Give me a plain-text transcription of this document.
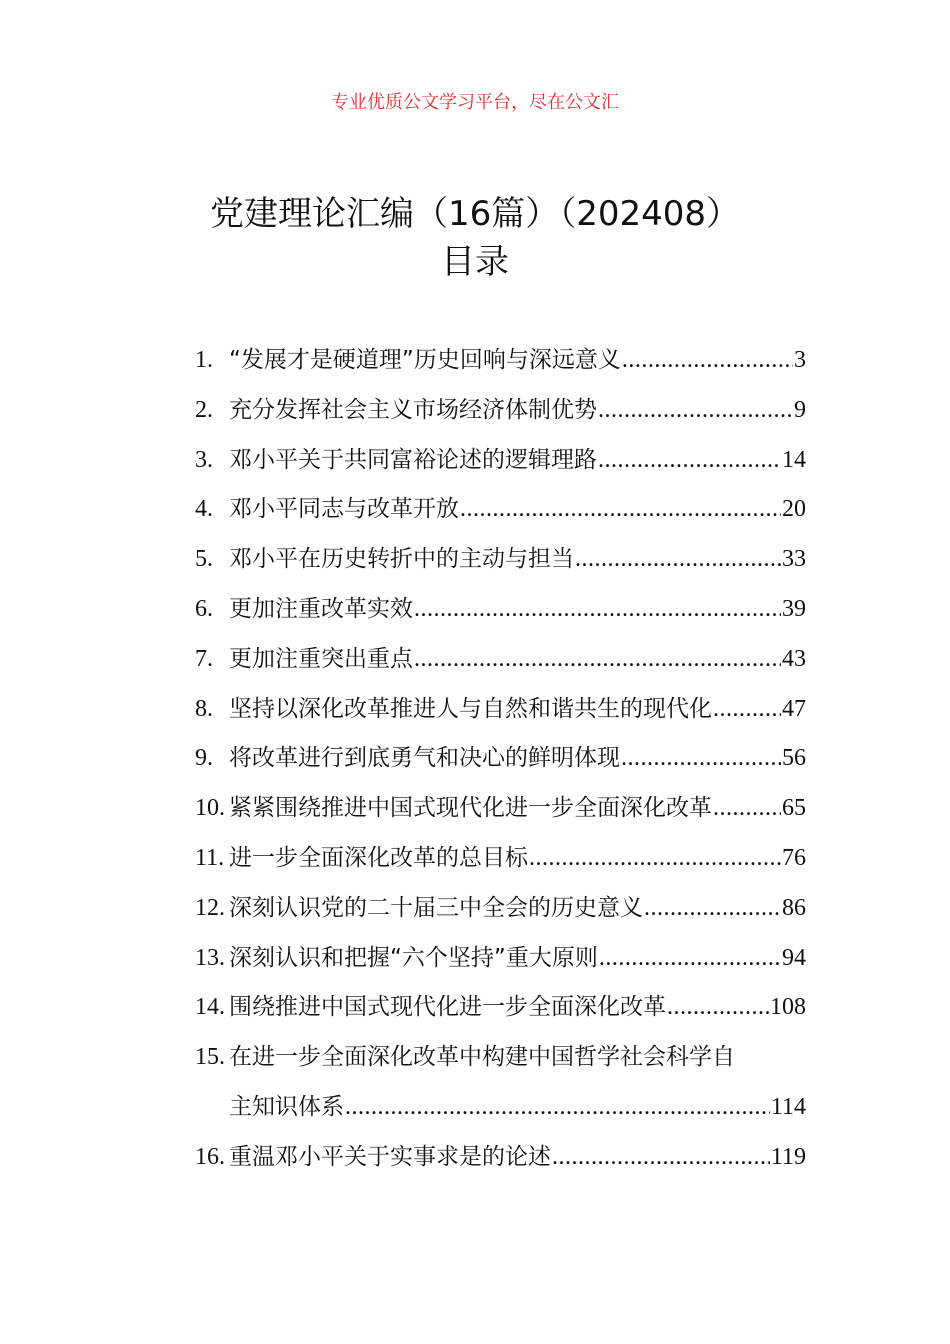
专业优质公文学习平台，尽在公文汇
党建理论汇编（16篇）（202408）
目录
1. “发展才是硬道理”历史回响与深远意义 .....	3
2. 充分发挥社会主义市场经济体制优势 .....	9
3. 邓小平关于共同富裕论述的逻辑理路 .....	14
4. 邓小平同志与改革开放 .....	20
5. 邓小平在历史转折中的主动与担当 .....	33
6. 更加注重改革实效 .....	39
7. 更加注重突出重点 .....	43
8. 坚持以深化改革推进人与自然和谐共生的现代化 .....	47
9. 将改革进行到底勇气和决心的鲜明体现 .....	56
10. 紧紧围绕推进中国式现代化进一步全面深化改革 .....	65
11. 进一步全面深化改革的总目标 .....	76
12. 深刻认识党的二十届三中全会的历史意义 .....	86
13. 深刻认识和把握“六个坚持”重大原则 .....	94
14. 围绕推进中国式现代化进一步全面深化改革 .....	108
15. 在进一步全面深化改革中构建中国哲学社会科学自
主知识体系 .....	114
16. 重温邓小平关于实事求是的论述 .....	119
